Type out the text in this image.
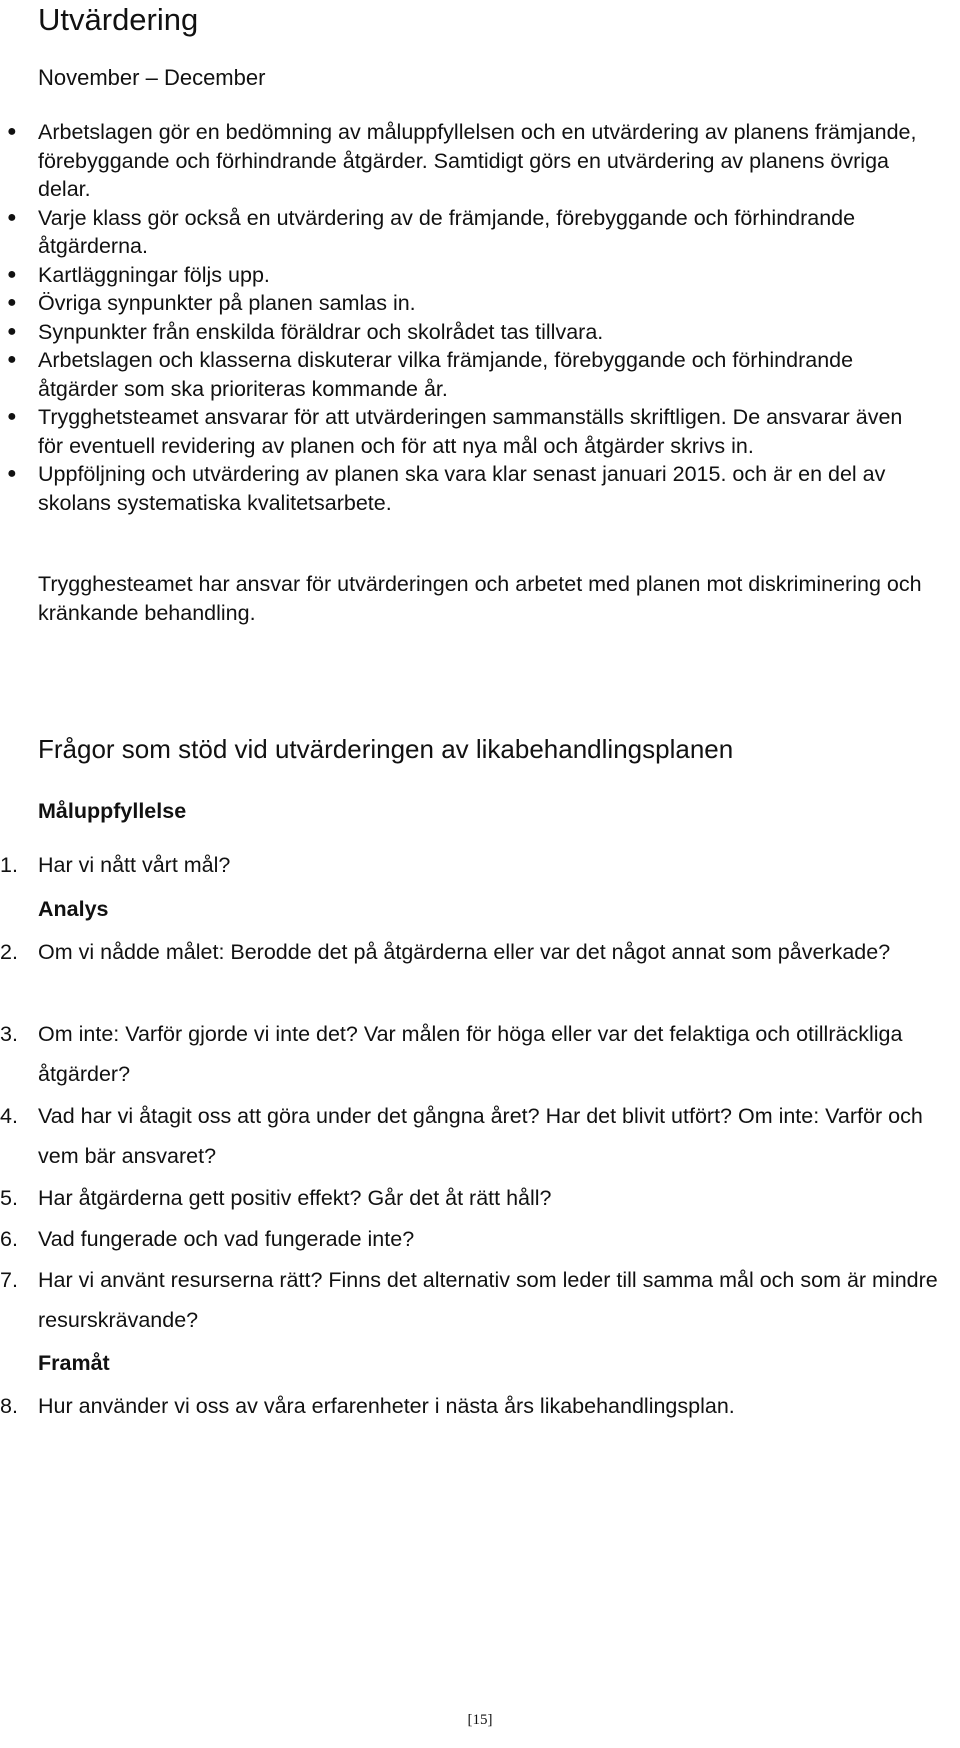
Utvärdering
November – December
● Arbetslagen gör en bedömning av måluppfyllelsen och en utvärdering av planens främjande, förebyggande och förhindrande åtgärder. Samtidigt görs en utvärdering av planens övriga delar.
● Varje klass gör också en utvärdering av de främjande, förebyggande och förhindrande åtgärderna.
● Kartläggningar följs upp.
● Övriga synpunkter på planen samlas in.
● Synpunkter från enskilda föräldrar och skolrådet tas tillvara.
● Arbetslagen och klasserna diskuterar vilka främjande, förebyggande och förhindrande åtgärder som ska prioriteras kommande år.
● Trygghetsteamet ansvarar för att utvärderingen sammanställs skriftligen. De ansvarar även för eventuell revidering av planen och för att nya mål och åtgärder skrivs in.
● Uppföljning och utvärdering av planen ska vara klar senast januari 2015. och är en del av skolans systematiska kvalitetsarbete.
Trygghesteamet har ansvar för utvärderingen och arbetet med planen mot diskriminering och kränkande behandling.
Frågor som stöd vid utvärderingen av likabehandlingsplanen
Måluppfyllelse
1. Har vi nått vårt mål?
Analys
2. Om vi nådde målet: Berodde det på åtgärderna eller var det något annat som påverkade?
3. Om inte: Varför gjorde vi inte det? Var målen för höga eller var det felaktiga och otillräckliga åtgärder?
4. Vad har vi åtagit oss att göra under det gångna året? Har det blivit utfört? Om inte: Varför och vem bär ansvaret?
5. Har åtgärderna gett positiv effekt? Går det åt rätt håll?
6. Vad fungerade och vad fungerade inte?
7. Har vi använt resurserna rätt? Finns det alternativ som leder till samma mål och som är mindre resurskrävande?
Framåt
8. Hur använder vi oss av våra erfarenheter i nästa års likabehandlingsplan.
[15]
